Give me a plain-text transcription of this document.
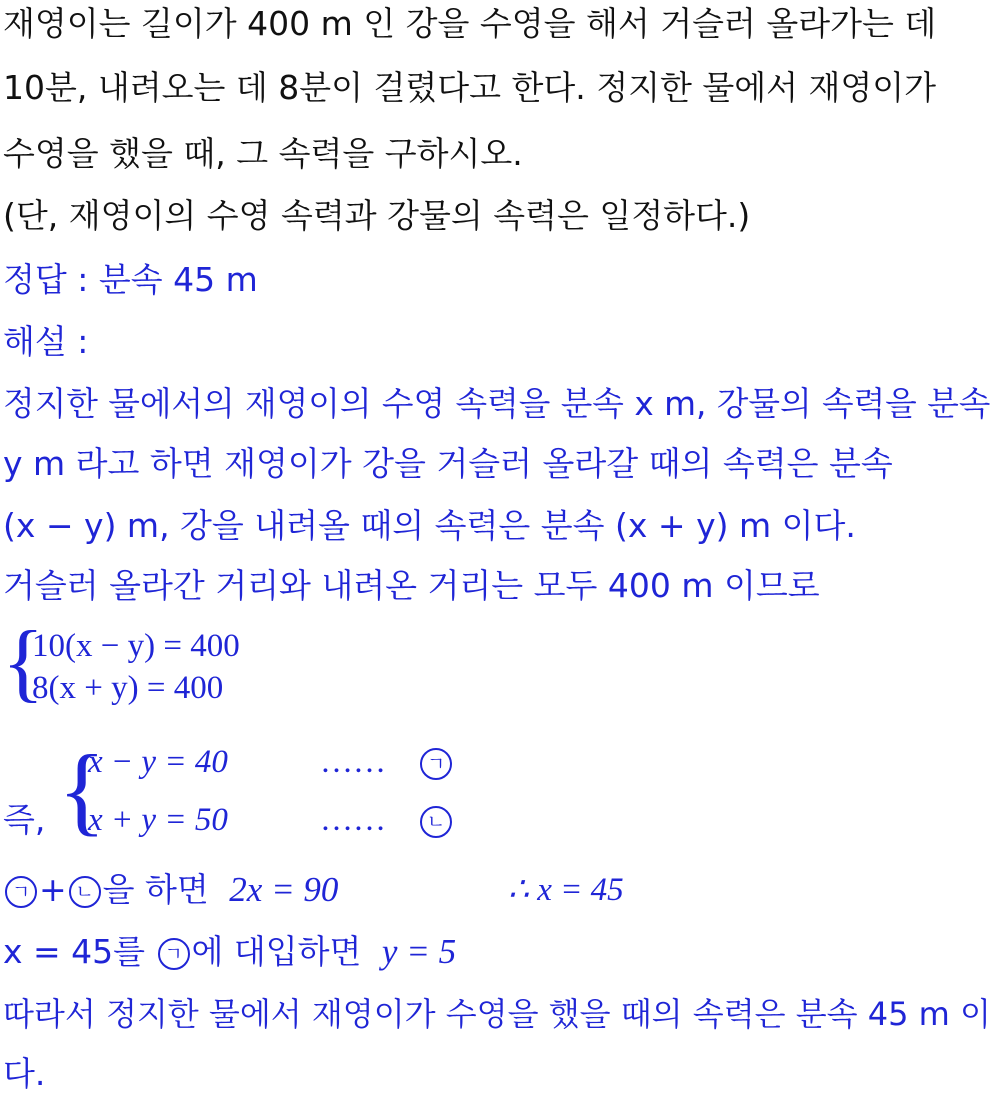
재영이는 길이가 400 m 인 강을 수영을 해서 거슬러 올라가는 데
10분, 내려오는 데 8분이 걸렸다고 한다. 정지한 물에서 재영이가
수영을 했을 때, 그 속력을 구하시오.
(단, 재영이의 수영 속력과 강물의 속력은 일정하다.)
정답 : 분속 45 m
해설 :
정지한 물에서의 재영이의 수영 속력을 분속 x m, 강물의 속력을 분속
y m 라고 하면 재영이가 강을 거슬러 올라갈 때의 속력은 분속
(x − y) m, 강을 내려올 때의 속력은 분속 (x + y) m 이다.
거슬러 올라간 거리와 내려온 거리는 모두 400 m 이므로
{
10(x − y) = 400
8(x + y) = 400
즉, {
x − y = 40	……	ㄱ
x + y = 50	……	ㄴ
ㄱ + ㄴ 을 하면 2x = 90	∴ x = 45
x = 45를 ㄱ 에 대입하면 y = 5
따라서 정지한 물에서 재영이가 수영을 했을 때의 속력은 분속 45 m 이
다.
